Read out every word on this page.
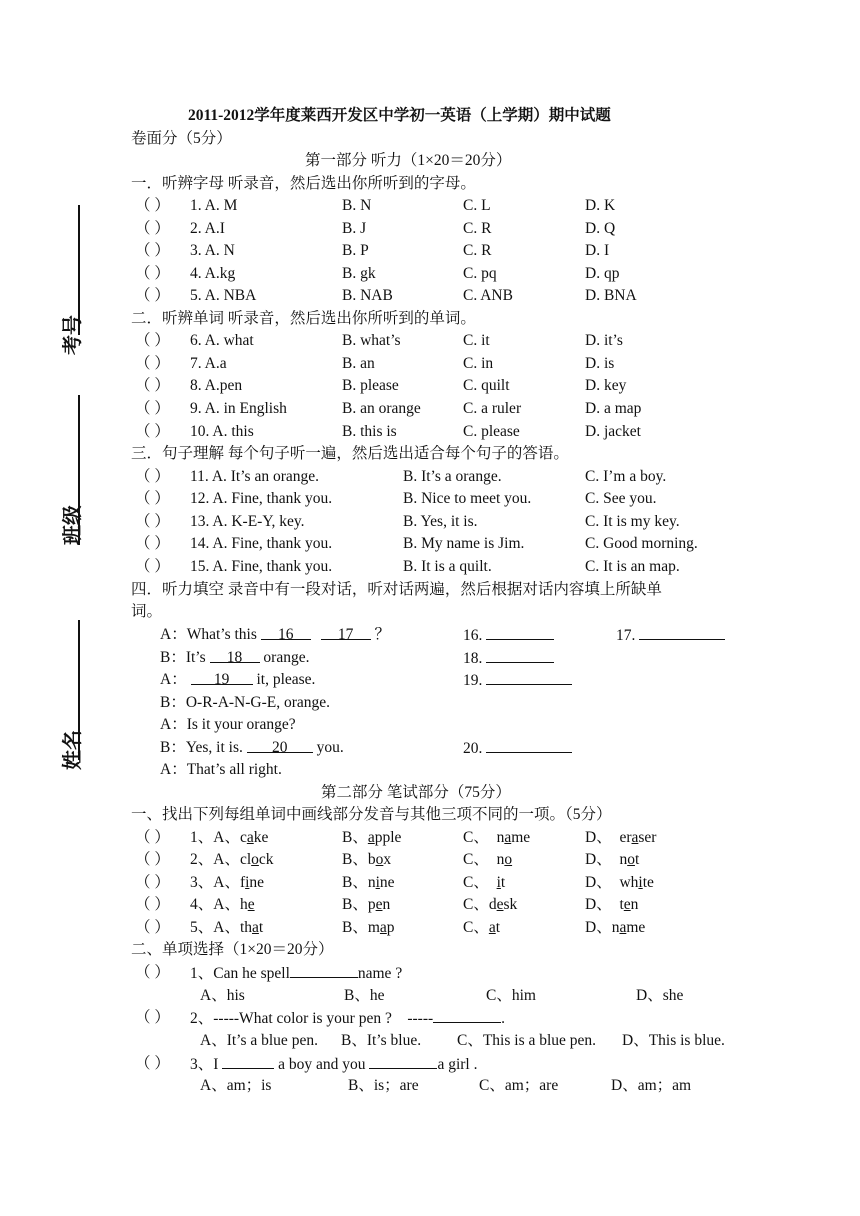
2011-2012学年度莱西开发区中学初一英语（上学期）期中试题
卷面分（5分）
考号
班级
姓名
第一部分 听力（1×20＝20分）
一．听辨字母 听录音，然后选出你所听到的字母。
（ ） 1. A. M	B. N	C. L	D. K
（ ） 2. A.I	B. J	C. R	D. Q
（ ） 3. A. N	B. P	C. R	D. I
（ ） 4. A.kg	B. gk	C. pq	D. qp
（ ） 5. A. NBA	B. NAB	C. ANB	D. BNA
二．听辨单词 听录音，然后选出你所听到的单词。
（ ） 6. A. what	B. what’s	C. it	D. it’s
（ ） 7. A.a	B. an	C. in	D. is
（ ） 8. A.pen	B. please	C. quilt	D. key
（ ） 9. A. in English	B. an orange	C. a ruler	D. a map
（ ） 10. A. this	B. this is	C. please	D. jacket
三．句子理解 每个句子听一遍，然后选出适合每个句子的答语。
（ ） 11. A. It’s an orange.	B. It’s a orange.	C. I’m a boy.
（ ） 12. A. Fine, thank you.	B. Nice to meet you.	C. See you.
（ ） 13. A. K-E-Y, key.	B. Yes, it is.	C. It is my key.
（ ） 14. A. Fine, thank you.	B. My name is Jim.	C. Good morning.
（ ） 15. A. Fine, thank you.	B. It is a quilt.	C. It is an map.
四．听力填空 录音中有一段对话，听对话两遍，然后根据对话内容填上所缺单
词。
A：What’s this 16	17 ？
B：It’s 18 orange.
A： 19 it, please.
B：O-R-A-N-G-E, orange.
A：Is it your orange?
B：Yes, it is. 20 you.
A：That’s all right.
16.	17.
18.
19.
20.
第二部分 笔试部分（75分）
一、找出下列每组单词中画线部分发音与其他三项不同的一项。（5分）
（ ） 1、A、cake	B、apple	C、  name	D、  eraser
（ ） 2、A、clock	B、box	C、  no	D、  not
（ ） 3、A、fine	B、nine	C、  it	D、  white
（ ） 4、A、he	B、pen	C、desk	D、  ten
（ ） 5、A、that	B、map	C、at	D、name
二、单项选择（1×20＝20分）
（ ） 1、Can he spell	name ?
A、his	B、he	C、him	D、she
（ ） 2、-----What color is your pen ?    -----	.
A、It’s a blue pen. B、It’s blue. C、This is a blue pen. D、This is blue.
（ ） 3、I	a boy and you	a girl .
A、am；is	B、is；are	C、am；are	D、am；am
